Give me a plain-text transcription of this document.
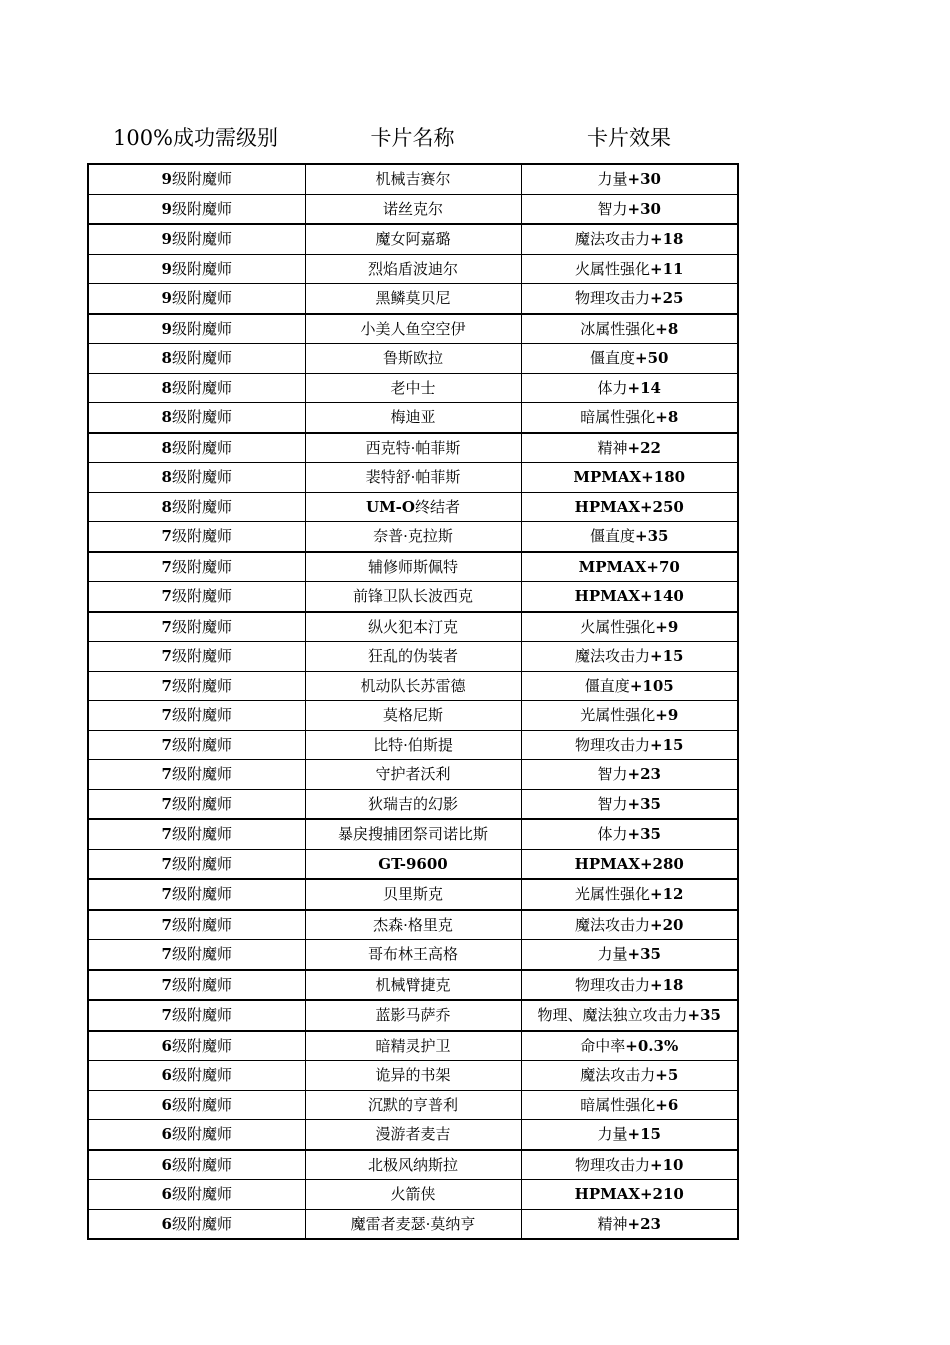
100%成功需级别	卡片名称	卡片效果
9级附魔师	机械吉赛尔	力量+30
9级附魔师	诺丝克尔	智力+30
9级附魔师	魔女阿嘉璐	魔法攻击力+18
9级附魔师	烈焰盾波迪尔	火属性强化+11
9级附魔师	黑鳞莫贝尼	物理攻击力+25
9级附魔师	小美人鱼空空伊	冰属性强化+8
8级附魔师	鲁斯欧拉	僵直度+50
8级附魔师	老中士	体力+14
8级附魔师	梅迪亚	暗属性强化+8
8级附魔师	西克特·帕菲斯	精神+22
8级附魔师	裴特舒·帕菲斯	MPMAX+180
8级附魔师	UM-O终结者	HPMAX+250
7级附魔师	奈普·克拉斯	僵直度+35
7级附魔师	辅修师斯佩特	MPMAX+70
7级附魔师	前锋卫队长波西克	HPMAX+140
7级附魔师	纵火犯本汀克	火属性强化+9
7级附魔师	狂乱的伪装者	魔法攻击力+15
7级附魔师	机动队长苏雷德	僵直度+105
7级附魔师	莫格尼斯	光属性强化+9
7级附魔师	比特·伯斯提	物理攻击力+15
7级附魔师	守护者沃利	智力+23
7级附魔师	狄瑞吉的幻影	智力+35
7级附魔师	暴戾搜捕团祭司诺比斯	体力+35
7级附魔师	GT-9600	HPMAX+280
7级附魔师	贝里斯克	光属性强化+12
7级附魔师	杰森·格里克	魔法攻击力+20
7级附魔师	哥布林王高格	力量+35
7级附魔师	机械臂捷克	物理攻击力+18
7级附魔师	蓝影马萨乔	物理、魔法独立攻击力+35
6级附魔师	暗精灵护卫	命中率+0.3%
6级附魔师	诡异的书架	魔法攻击力+5
6级附魔师	沉默的亨普利	暗属性强化+6
6级附魔师	漫游者麦吉	力量+15
6级附魔师	北极风纳斯拉	物理攻击力+10
6级附魔师	火箭侠	HPMAX+210
6级附魔师	魔雷者麦瑟·莫纳亨	精神+23
